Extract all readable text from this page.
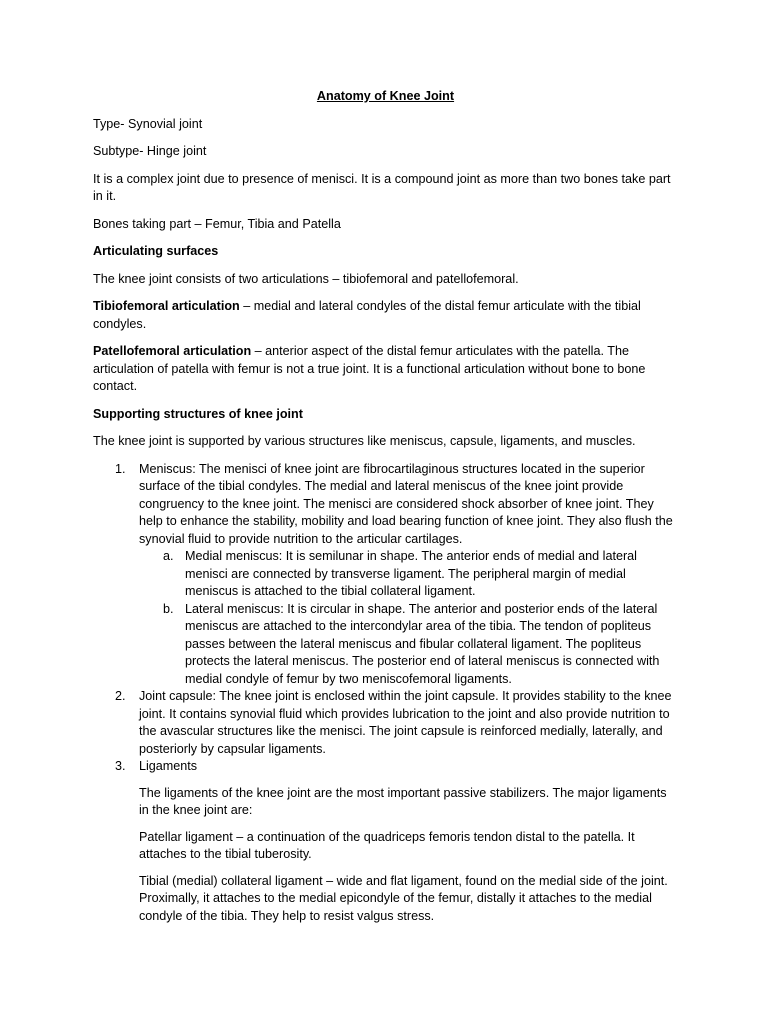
Anatomy of Knee Joint

Type- Synovial joint

Subtype- Hinge joint

It is a complex joint due to presence of menisci. It is a compound joint as more than two bones take part in it.

Bones taking part – Femur, Tibia and Patella

Articulating surfaces

The knee joint consists of two articulations – tibiofemoral and patellofemoral.

Tibiofemoral articulation – medial and lateral condyles of the distal femur articulate with the tibial condyles.

Patellofemoral articulation – anterior aspect of the distal femur articulates with the patella. The articulation of patella with femur is not a true joint. It is a functional articulation without bone to bone contact.

Supporting structures of knee joint

The knee joint is supported by various structures like meniscus, capsule, ligaments, and muscles.

1. Meniscus: The menisci of knee joint are fibrocartilaginous structures located in the superior surface of the tibial condyles. The medial and lateral meniscus of the knee joint provide congruency to the knee joint. The menisci are considered shock absorber of knee joint. They help to enhance the stability, mobility and load bearing function of knee joint. They also flush the synovial fluid to provide nutrition to the articular cartilages.
a. Medial meniscus: It is semilunar in shape. The anterior ends of medial and lateral menisci are connected by transverse ligament. The peripheral margin of medial meniscus is attached to the tibial collateral ligament.
b. Lateral meniscus: It is circular in shape. The anterior and posterior ends of the lateral meniscus are attached to the intercondylar area of the tibia. The tendon of popliteus passes between the lateral meniscus and fibular collateral ligament. The popliteus protects the lateral meniscus. The posterior end of lateral meniscus is connected with medial condyle of femur by two meniscofemoral ligaments.
2. Joint capsule: The knee joint is enclosed within the joint capsule. It provides stability to the knee joint. It contains synovial fluid which provides lubrication to the joint and also provide nutrition to the avascular structures like the menisci. The joint capsule is reinforced medially, laterally, and posteriorly by capsular ligaments.
3. Ligaments

The ligaments of the knee joint are the most important passive stabilizers. The major ligaments in the knee joint are:

Patellar ligament – a continuation of the quadriceps femoris tendon distal to the patella. It attaches to the tibial tuberosity.

Tibial (medial) collateral ligament – wide and flat ligament, found on the medial side of the joint. Proximally, it attaches to the medial epicondyle of the femur, distally it attaches to the medial condyle of the tibia. They help to resist valgus stress.
